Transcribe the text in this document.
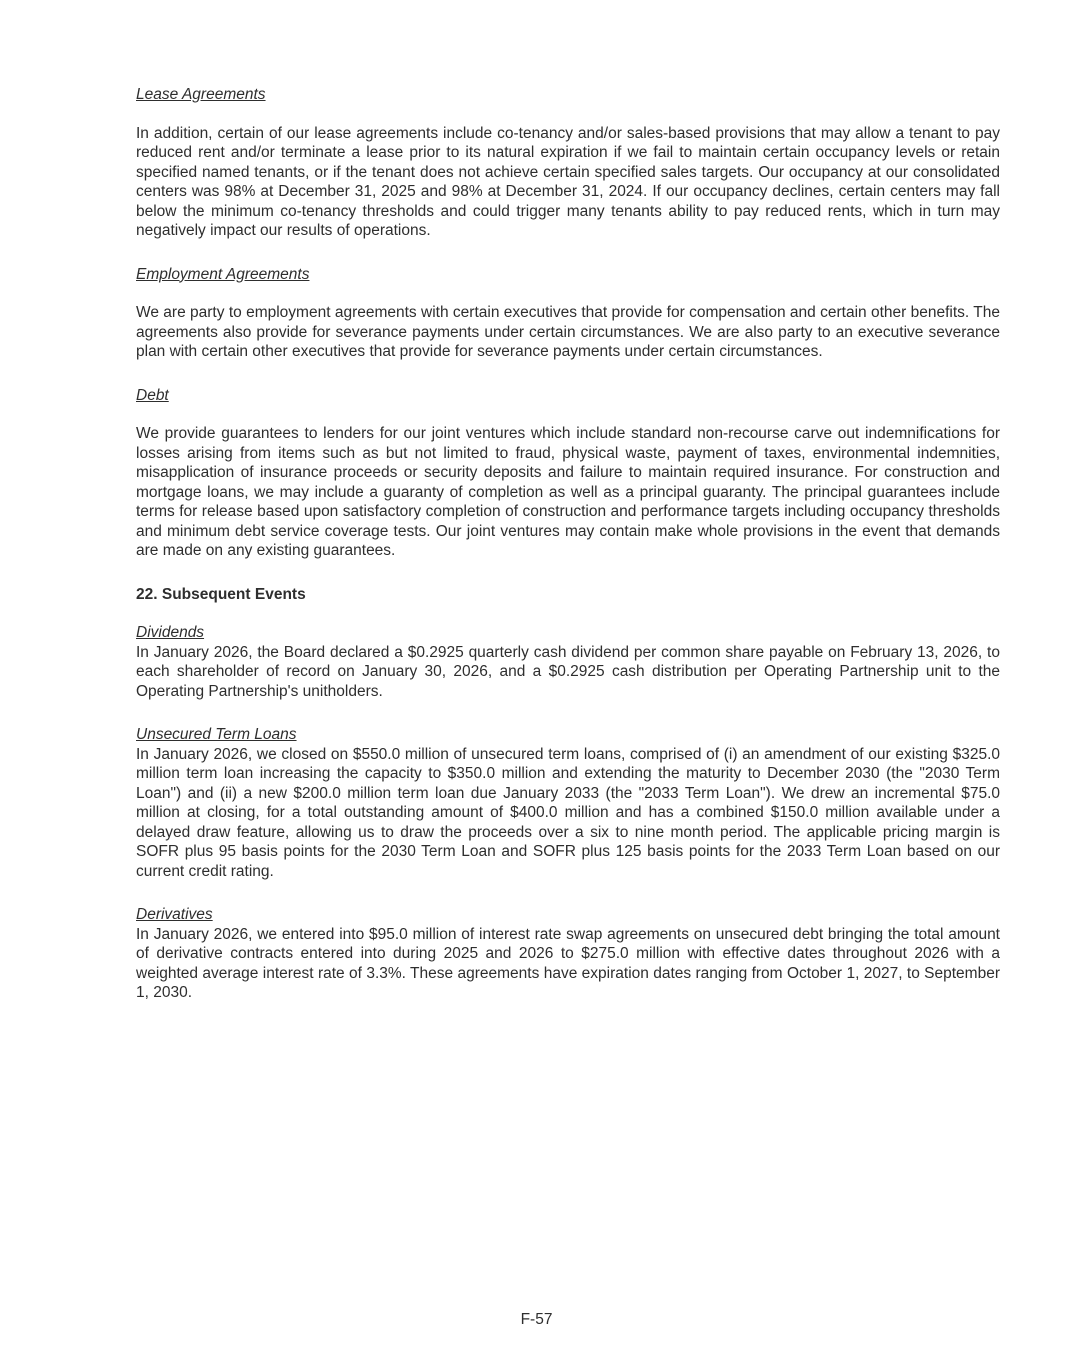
Lease Agreements

In addition, certain of our lease agreements include co-tenancy and/or sales-based provisions that may allow a tenant to pay reduced rent and/or terminate a lease prior to its natural expiration if we fail to maintain certain occupancy levels or retain specified named tenants, or if the tenant does not achieve certain specified sales targets. Our occupancy at our consolidated centers was 98% at December 31, 2025 and 98% at December 31, 2024. If our occupancy declines, certain centers may fall below the minimum co-tenancy thresholds and could trigger many tenants ability to pay reduced rents, which in turn may negatively impact our results of operations.

Employment Agreements

We are party to employment agreements with certain executives that provide for compensation and certain other benefits. The agreements also provide for severance payments under certain circumstances. We are also party to an executive severance plan with certain other executives that provide for severance payments under certain circumstances.

Debt

We provide guarantees to lenders for our joint ventures which include standard non-recourse carve out indemnifications for losses arising from items such as but not limited to fraud, physical waste, payment of taxes, environmental indemnities, misapplication of insurance proceeds or security deposits and failure to maintain required insurance. For construction and mortgage loans, we may include a guaranty of completion as well as a principal guaranty. The principal guarantees include terms for release based upon satisfactory completion of construction and performance targets including occupancy thresholds and minimum debt service coverage tests. Our joint ventures may contain make whole provisions in the event that demands are made on any existing guarantees.

22. Subsequent Events
Dividends

In January 2026, the Board declared a $0.2925 quarterly cash dividend per common share payable on February 13, 2026, to each shareholder of record on January 30, 2026, and a $0.2925 cash distribution per Operating Partnership unit to the Operating Partnership's unitholders.

Unsecured Term Loans

In January 2026, we closed on $550.0 million of unsecured term loans, comprised of (i) an amendment of our existing $325.0 million term loan increasing the capacity to $350.0 million and extending the maturity to December 2030 (the "2030 Term Loan") and (ii) a new $200.0 million term loan due January 2033 (the "2033 Term Loan"). We drew an incremental $75.0 million at closing, for a total outstanding amount of $400.0 million and has a combined $150.0 million available under a delayed draw feature, allowing us to draw the proceeds over a six to nine month period. The applicable pricing margin is SOFR plus 95 basis points for the 2030 Term Loan and SOFR plus 125 basis points for the 2033 Term Loan based on our current credit rating.

Derivatives

In January 2026, we entered into $95.0 million of interest rate swap agreements on unsecured debt bringing the total amount of derivative contracts entered into during 2025 and 2026 to $275.0 million with effective dates throughout 2026 with a weighted average interest rate of 3.3%. These agreements have expiration dates ranging from October 1, 2027, to September 1, 2030.

F-57
